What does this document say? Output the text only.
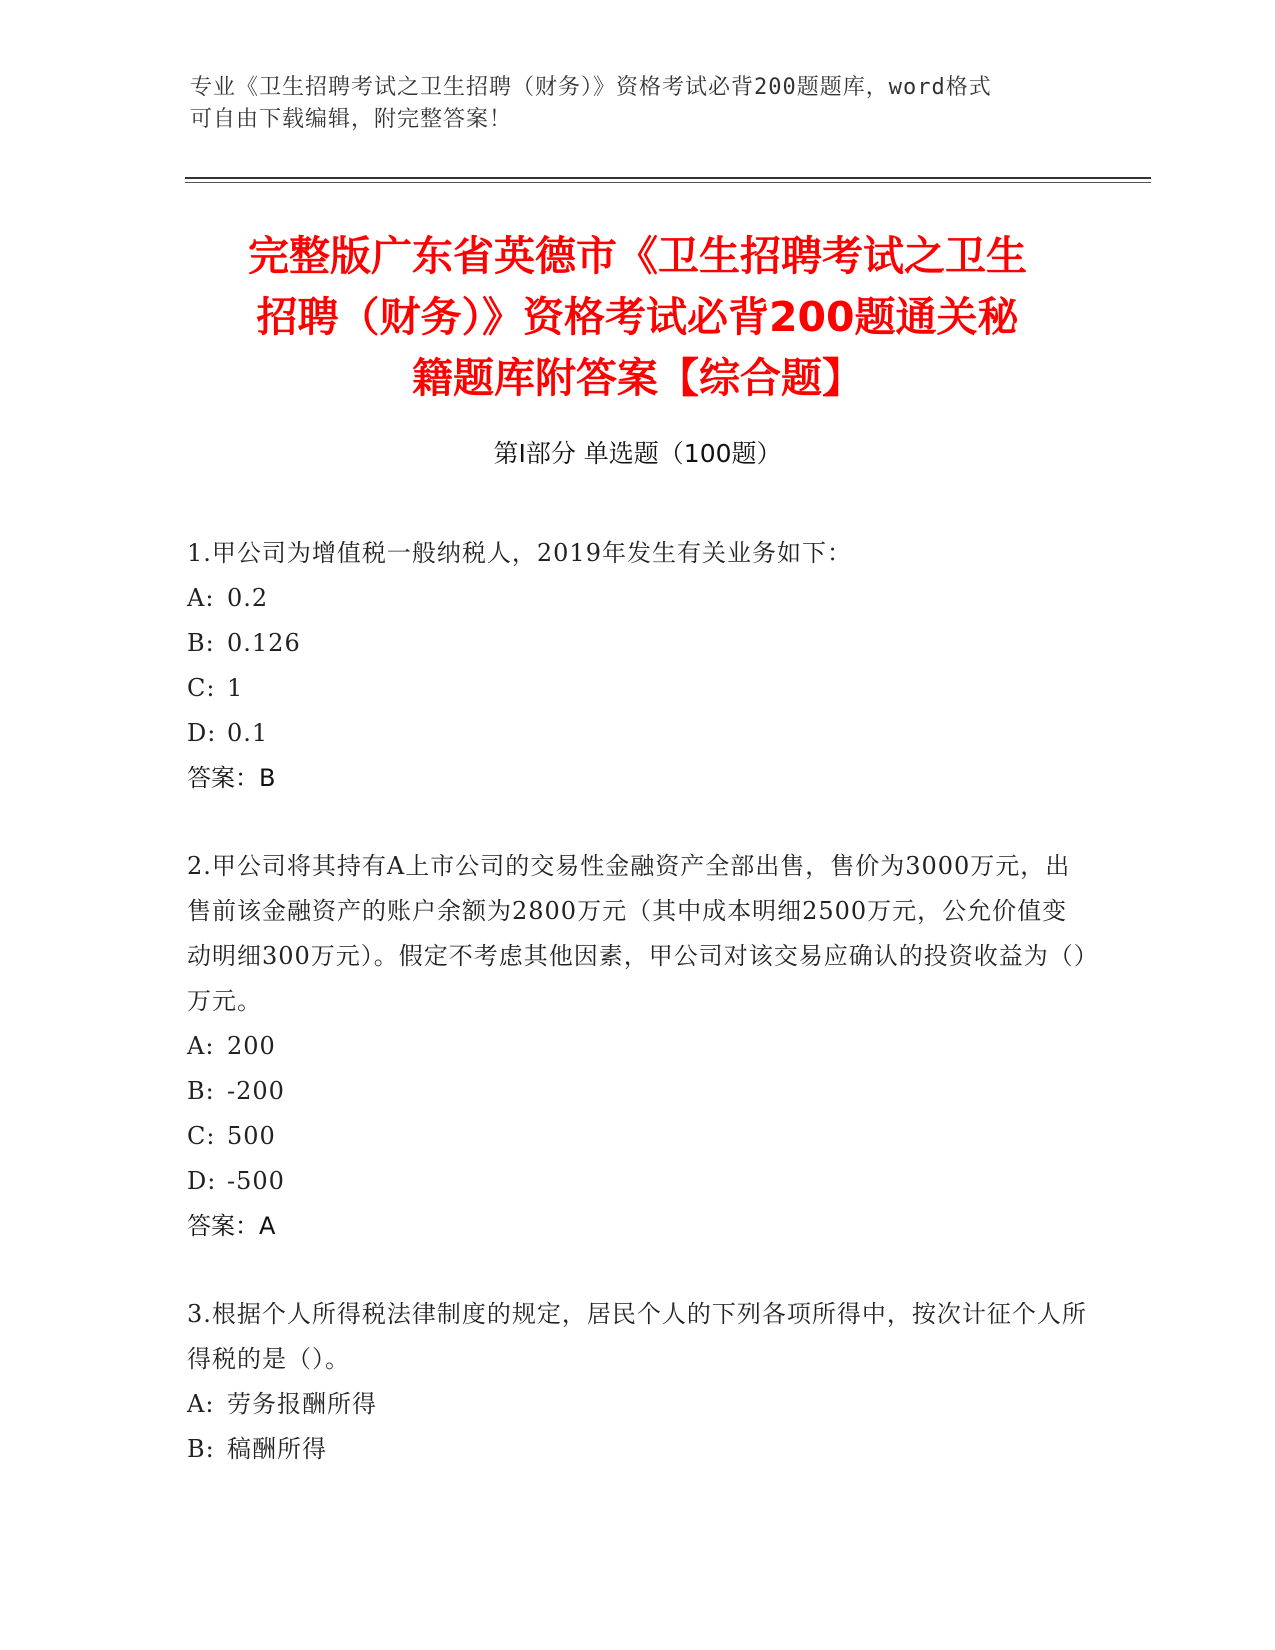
专业《卫生招聘考试之卫生招聘（财务）》资格考试必背200题题库，word格式
可自由下载编辑，附完整答案！
完整版广东省英德市《卫生招聘考试之卫生
招聘（财务）》资格考试必背200题通关秘
籍题库附答案【综合题】
第Ⅰ部分 单选题（100题）
1.甲公司为增值税一般纳税人，2019年发生有关业务如下：
A: 0.2
B: 0.126
C: 1
D: 0.1
答案：B
2.甲公司将其持有A上市公司的交易性金融资产全部出售，售价为3000万元，出售前该金融资产的账户余额为2800万元（其中成本明细2500万元，公允价值变动明细300万元）。假定不考虑其他因素，甲公司对该交易应确认的投资收益为（）万元。
A: 200
B: -200
C: 500
D: -500
答案：A
3.根据个人所得税法律制度的规定，居民个人的下列各项所得中，按次计征个人所得税的是（）。
A: 劳务报酬所得
B: 稿酬所得
